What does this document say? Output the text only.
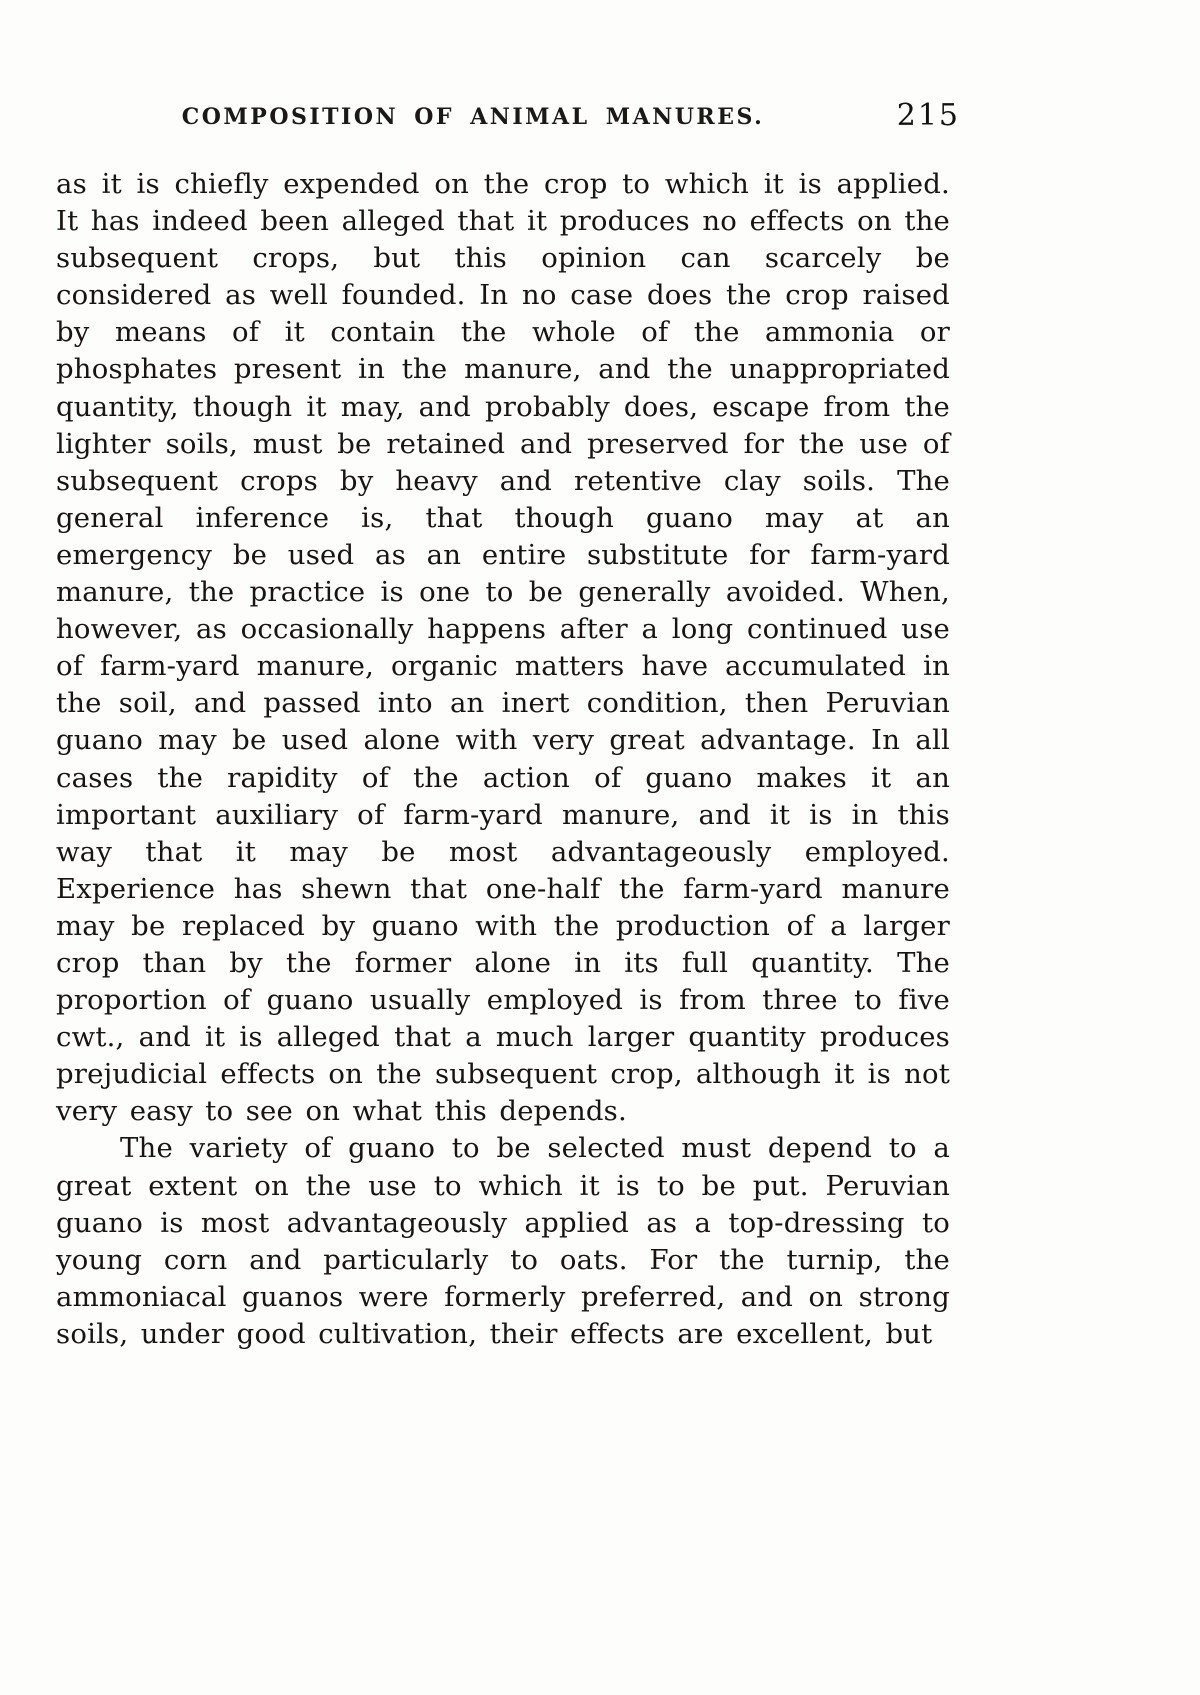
COMPOSITION OF ANIMAL MANURES.	215

as it is chiefly expended on the crop to which it is applied. It has indeed been alleged that it produces no effects on the subsequent crops, but this opinion can scarcely be considered as well founded. In no case does the crop raised by means of it contain the whole of the ammonia or phosphates present in the manure, and the unappropriated quantity, though it may, and probably does, escape from the lighter soils, must be retained and preserved for the use of subsequent crops by heavy and retentive clay soils. The general inference is, that though guano may at an emergency be used as an entire substitute for farm-yard manure, the practice is one to be generally avoided. When, however, as occasionally happens after a long continued use of farm-yard manure, organic matters have accumulated in the soil, and passed into an inert condition, then Peruvian guano may be used alone with very great advantage. In all cases the rapidity of the action of guano makes it an important auxiliary of farm-yard manure, and it is in this way that it may be most advantageously employed. Experience has shewn that one-half the farm-yard manure may be replaced by guano with the production of a larger crop than by the former alone in its full quantity. The proportion of guano usually employed is from three to five cwt., and it is alleged that a much larger quantity produces prejudicial effects on the subsequent crop, although it is not very easy to see on what this depends.

The variety of guano to be selected must depend to a great extent on the use to which it is to be put. Peruvian guano is most advantageously applied as a top-dressing to young corn and particularly to oats. For the turnip, the ammoniacal guanos were formerly preferred, and on strong soils, under good cultivation, their effects are excellent, but
